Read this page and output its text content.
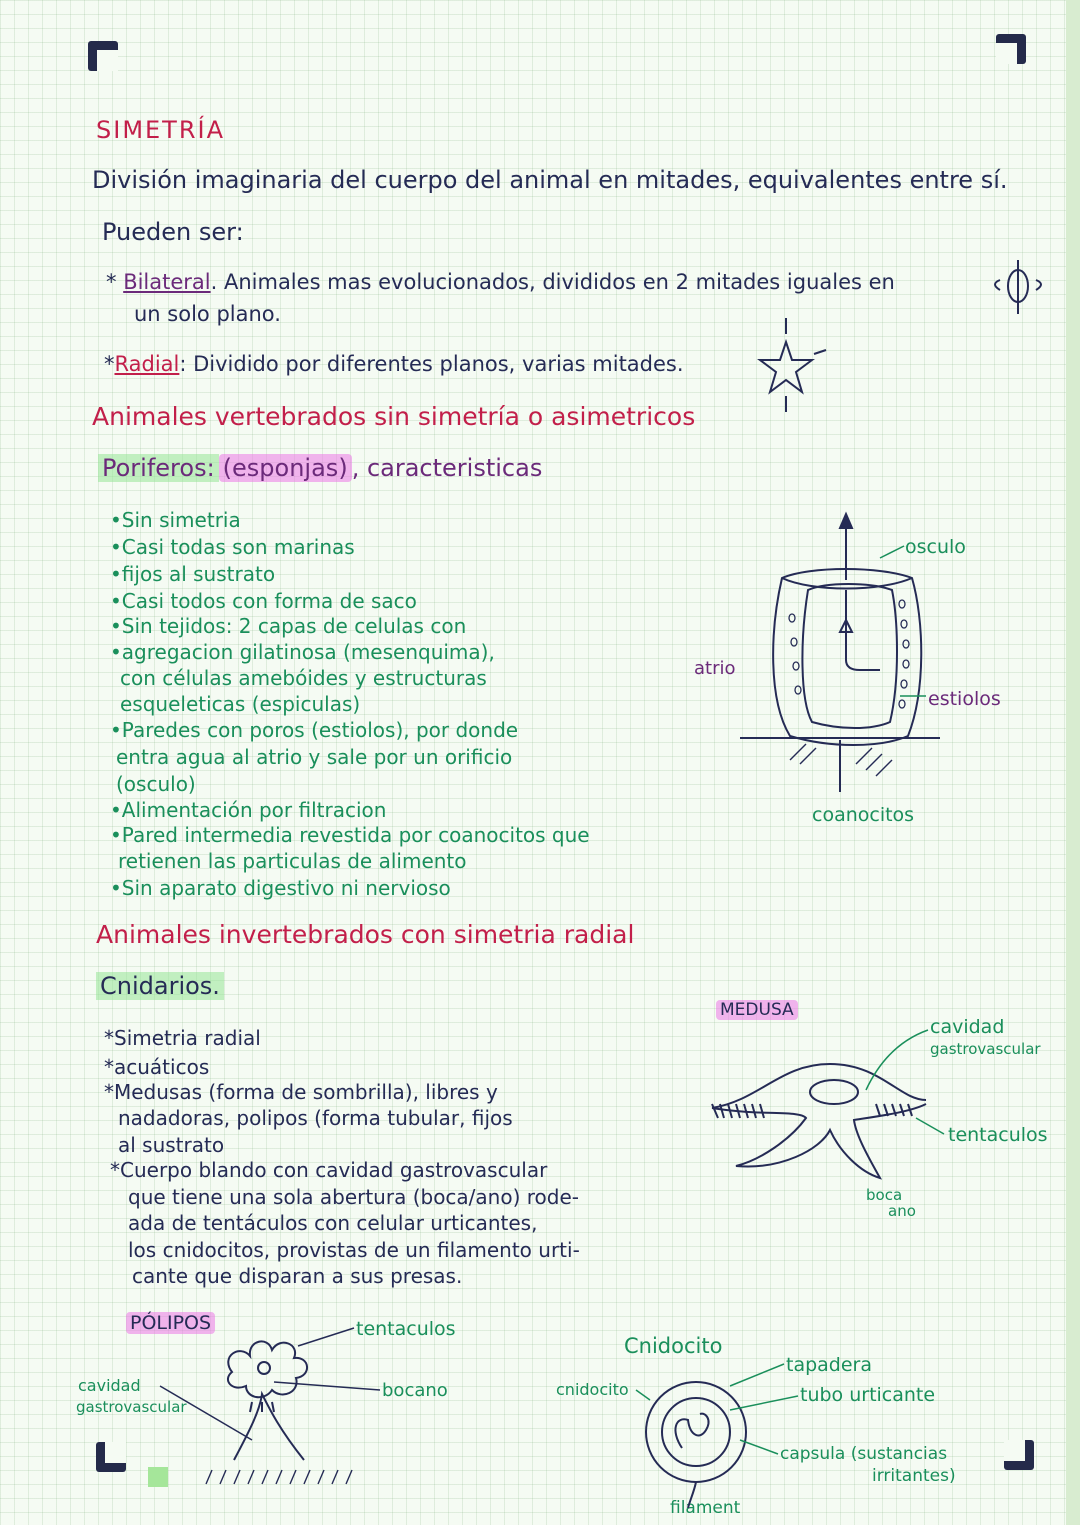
SIMETRÍA
División imaginaria del cuerpo del animal en mitades, equivalentes entre sí.
Pueden ser:
* Bilateral. Animales mas evolucionados, divididos en 2 mitades iguales en
un solo plano.
*Radial: Dividido por diferentes planos, varias mitades.
Animales vertebrados sin simetría o asimetricos
Poriferos: (esponjas) , caracteristicas
•Sin simetria
•Casi todas son marinas
•fijos al sustrato
•Casi todos con forma de saco
•Sin tejidos: 2 capas de celulas con
•agregacion gilatinosa (mesenquima),
con células amebóides y estructuras
esqueleticas (espiculas)
•Paredes con poros (estiolos), por donde
entra agua al atrio y sale por un orificio
(osculo)
•Alimentación por filtracion
•Pared intermedia revestida por coanocitos que
retienen las particulas de alimento
•Sin aparato digestivo ni nervioso
osculo
atrio
estiolos
coanocitos
Animales invertebrados con simetria radial
Cnidarios.
*Simetria radial
*acuáticos
*Medusas (forma de sombrilla), libres y
nadadoras, polipos (forma tubular, fijos
al sustrato
*Cuerpo blando con cavidad gastrovascular
que tiene una sola abertura (boca/ano) rode-
ada de tentáculos con celular urticantes,
los cnidocitos, provistas de un filamento urti-
cante que disparan a sus presas.
MEDUSA
cavidad
gastrovascular
tentaculos
boca
ano
PÓLIPOS	tentaculos
bocano
cavidad
gastrovascular
Cnidocito
cnidocito
tapadera
tubo urticante
capsula (sustancias
irritantes)
filament
